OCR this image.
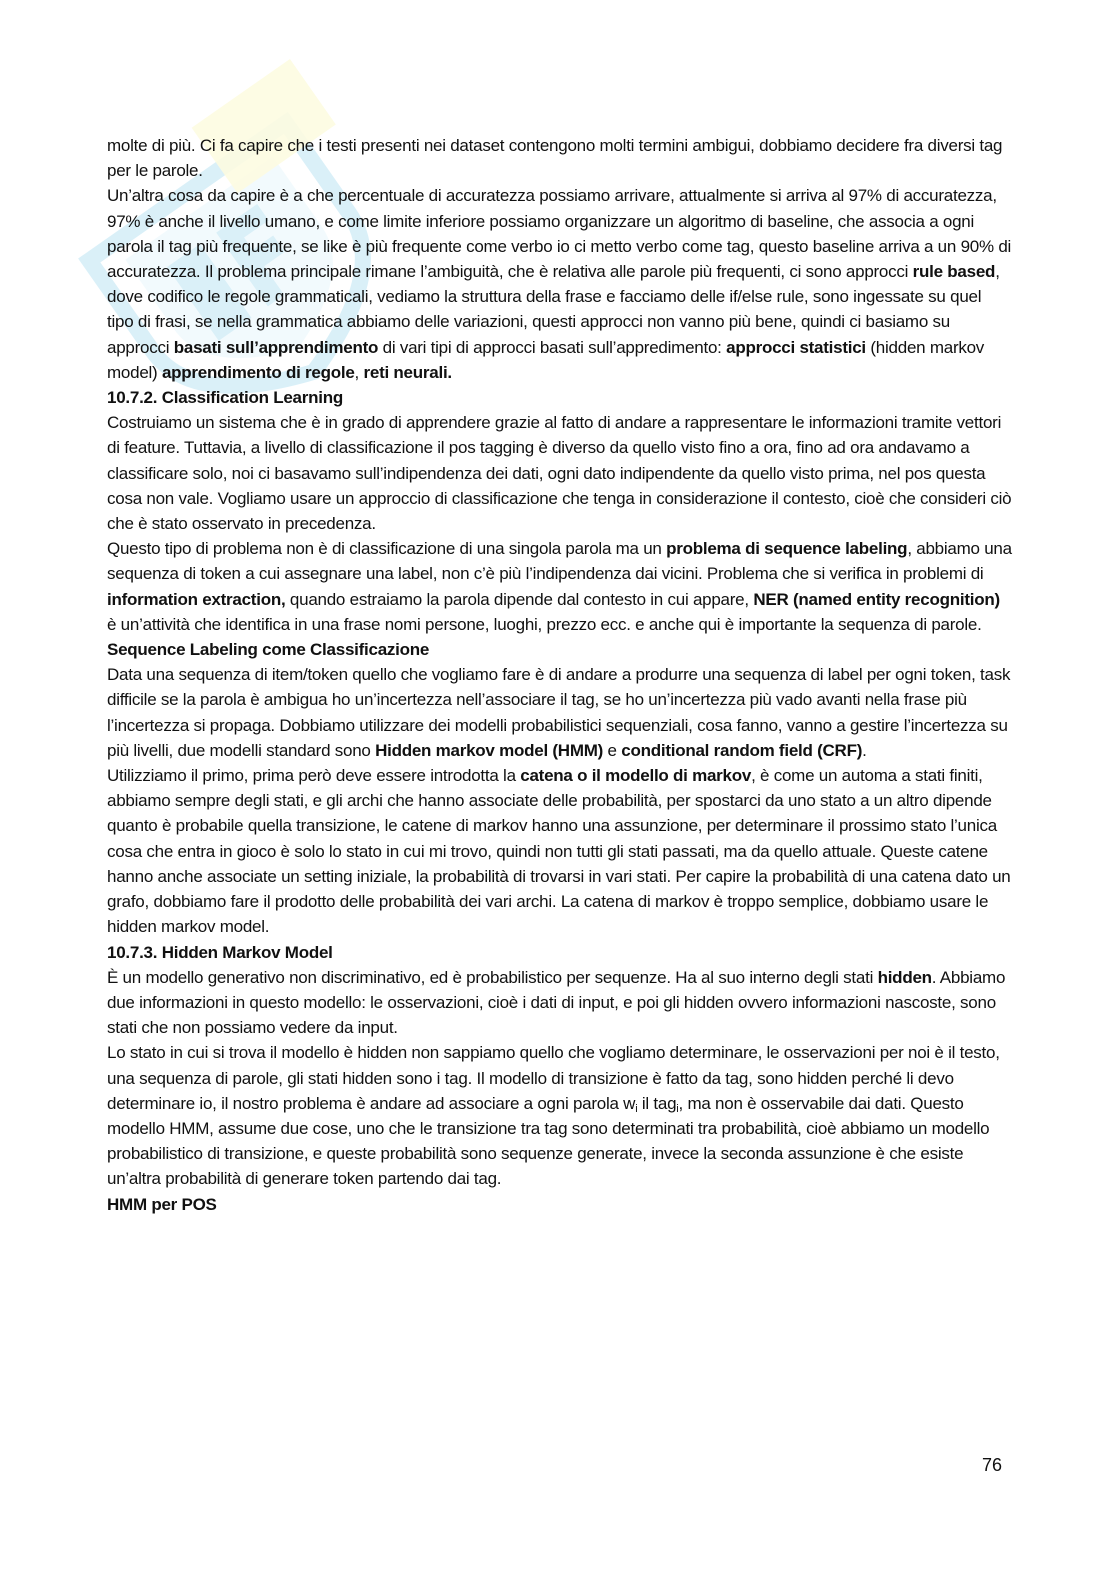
molte di più. Ci fa capire che i testi presenti nei dataset contengono molti termini ambigui, dobbiamo decidere fra diversi tag per le parole.

Un’altra cosa da capire è a che percentuale di accuratezza possiamo arrivare, attualmente si arriva al 97% di accuratezza, 97% è anche il livello umano, e come limite inferiore possiamo organizzare un algoritmo di baseline, che associa a ogni parola il tag più frequente, se like è più frequente come verbo io ci metto verbo come tag, questo baseline arriva a un 90% di accuratezza. Il problema principale rimane l’ambiguità, che è relativa alle parole più frequenti, ci sono approcci rule based, dove codifico le regole grammaticali, vediamo la struttura della frase e facciamo delle if/else rule, sono ingessate su quel tipo di frasi, se nella grammatica abbiamo delle variazioni, questi approcci non vanno più bene, quindi ci basiamo su approcci basati sull’apprendimento di vari tipi di approcci basati sull’appredimento: approcci statistici (hidden markov model) apprendimento di regole, reti neurali.

10.7.2. Classification Learning

Costruiamo un sistema che è in grado di apprendere grazie al fatto di andare a rappresentare le informazioni tramite vettori di feature. Tuttavia, a livello di classificazione il pos tagging è diverso da quello visto fino a ora, fino ad ora andavamo a classificare solo, noi ci basavamo sull’indipendenza dei dati, ogni dato indipendente da quello visto prima, nel pos questa cosa non vale. Vogliamo usare un approccio di classificazione che tenga in considerazione il contesto, cioè che consideri ciò che è stato osservato in precedenza.

Questo tipo di problema non è di classificazione di una singola parola ma un problema di sequence labeling, abbiamo una sequenza di token a cui assegnare una label, non c’è più l’indipendenza dai vicini. Problema che si verifica in problemi di information extraction, quando estraiamo la parola dipende dal contesto in cui appare, NER (named entity recognition) è un’attività che identifica in una frase nomi persone, luoghi, prezzo ecc. e anche qui è importante la sequenza di parole.

Sequence Labeling come Classificazione

Data una sequenza di item/token quello che vogliamo fare è di andare a produrre una sequenza di label per ogni token, task difficile se la parola è ambigua ho un’incertezza nell’associare il tag, se ho un’incertezza più vado avanti nella frase più l’incertezza si propaga. Dobbiamo utilizzare dei modelli probabilistici sequenziali, cosa fanno, vanno a gestire l’incertezza su più livelli, due modelli standard sono Hidden markov model (HMM) e conditional random field (CRF).

Utilizziamo il primo, prima però deve essere introdotta la catena o il modello di markov, è come un automa a stati finiti, abbiamo sempre degli stati, e gli archi che hanno associate delle probabilità, per spostarci da uno stato a un altro dipende quanto è probabile quella transizione, le catene di markov hanno una assunzione, per determinare il prossimo stato l’unica cosa che entra in gioco è solo lo stato in cui mi trovo, quindi non tutti gli stati passati, ma da quello attuale. Queste catene hanno anche associate un setting iniziale, la probabilità di trovarsi in vari stati. Per capire la probabilità di una catena dato un grafo, dobbiamo fare il prodotto delle probabilità dei vari archi. La catena di markov è troppo semplice, dobbiamo usare le hidden markov model.

10.7.3. Hidden Markov Model

È un modello generativo non discriminativo, ed è probabilistico per sequenze. Ha al suo interno degli stati hidden. Abbiamo due informazioni in questo modello: le osservazioni, cioè i dati di input, e poi gli hidden ovvero informazioni nascoste, sono stati che non possiamo vedere da input.

Lo stato in cui si trova il modello è hidden non sappiamo quello che vogliamo determinare, le osservazioni per noi è il testo, una sequenza di parole, gli stati hidden sono i tag. Il modello di transizione è fatto da tag, sono hidden perché li devo determinare io, il nostro problema è andare ad associare a ogni parola $w_i$ il tag$_i$, ma non è osservabile dai dati. Questo modello HMM, assume due cose, uno che le transizione tra tag sono determinati tra probabilità, cioè abbiamo un modello probabilistico di transizione, e queste probabilità sono sequenze generate, invece la seconda assunzione è che esiste un’altra probabilità di generare token partendo dai tag.

HMM per POS

76
